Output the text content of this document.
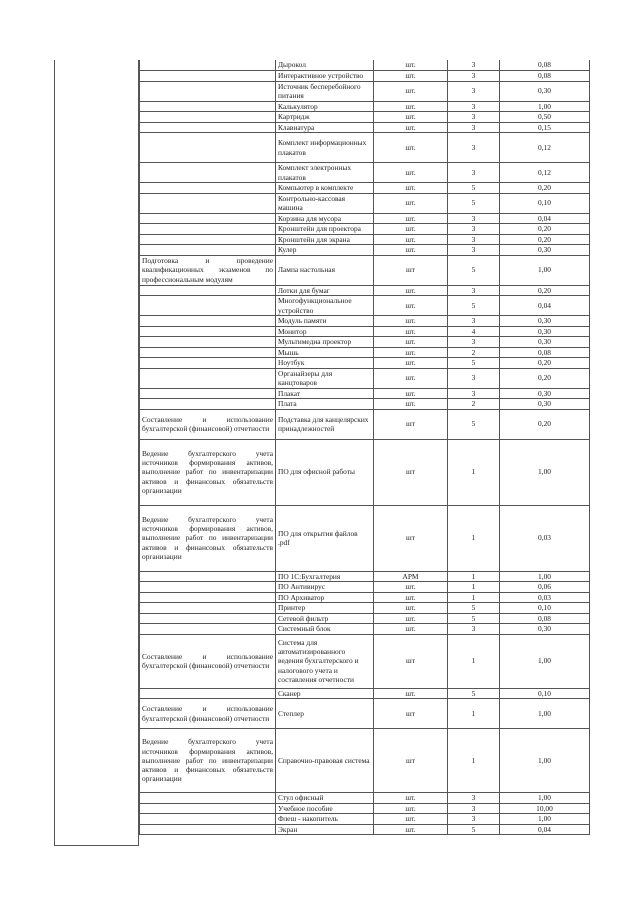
	Дырокол	шт.	3	0,08
	Интерактивное устройство	шт.	3	0,08
	Источник бесперебойного питания	шт.	3	0,30
	Калькулятор	шт.	3	1,00
	Картридж	шт.	3	0,50
	Клавиатура	шт.	3	0,15
	Комплект информационных плакатов	шт.	3	0,12
	Комплект электронных плакатов	шт.	3	0,12
	Компьютер в комплекте	шт.	5	0,20
	Контрольно-кассовая машина	шт.	5	0,10
	Корзина для мусора	шт.	3	0,04
	Кронштейн для проектора	шт.	3	0,20
	Кронштейн для экрана	шт.	3	0,20
	Кулер	шт.	3	0,30
Подготовка и проведение квалификационных экзаменов по профессиональным модулям	Лампа настольная	шт	5	1,00
	Лотки для бумаг	шт.	3	0,20
	Многофункциональное устройство	шт.	5	0,04
	Модуль памяти	шт.	3	0,30
	Монитор	шт.	4	0,30
	Мультимедиа проектор	шт.	3	0,30
	Мышь	шт.	2	0,08
	Ноутбук	шт.	5	0,20
	Органайзеры для канцтоваров	шт.	3	0,20
	Плакат	шт.	3	0,30
	Плата	шт.	2	0,30
Составление и использование бухгалтерской (финансовой) отчетности	Подставка для канцелярских принадлежностей	шт	5	0,20
Ведение бухгалтерского учета источников формирования активов, выполнение работ по инвентаризации активов и финансовых обязательств организации	ПО для офисной работы	шт	1	1,00
Ведение бухгалтерского учета источников формирования активов, выполнение работ по инвентаризации активов и финансовых обязательств организации	ПО для открытия файлов .pdf	шт	1	0,03
	ПО 1С:Бухгалтерия	АРМ	1	1,00
	ПО Антивирус	шт.	1	0,06
	ПО Архиватор	шт.	1	0,03
	Принтер	шт.	5	0,10
	Сетевой фильтр	шт.	5	0,08
	Системный блок	шт.	3	0,30
Составление и использование бухгалтерской (финансовой) отчетности	Система для автоматизированного ведения бухгалтерского и налогового учета и составления отчетности	шт	1	1,00
	Сканер	шт.	5	0,10
Составление и использование бухгалтерской (финансовой) отчетности	Степлер	шт	1	1,00
Ведение бухгалтерского учета источников формирования активов, выполнение работ по инвентаризации активов и финансовых обязательств организации	Справочно-правовая система	шт	1	1,00
	Стул офисный	шт.	3	1,00
	Учебное пособие	шт.	3	10,00
	Флеш - накопитель	шт.	3	1,00
	Экран	шт.	5	0,04
